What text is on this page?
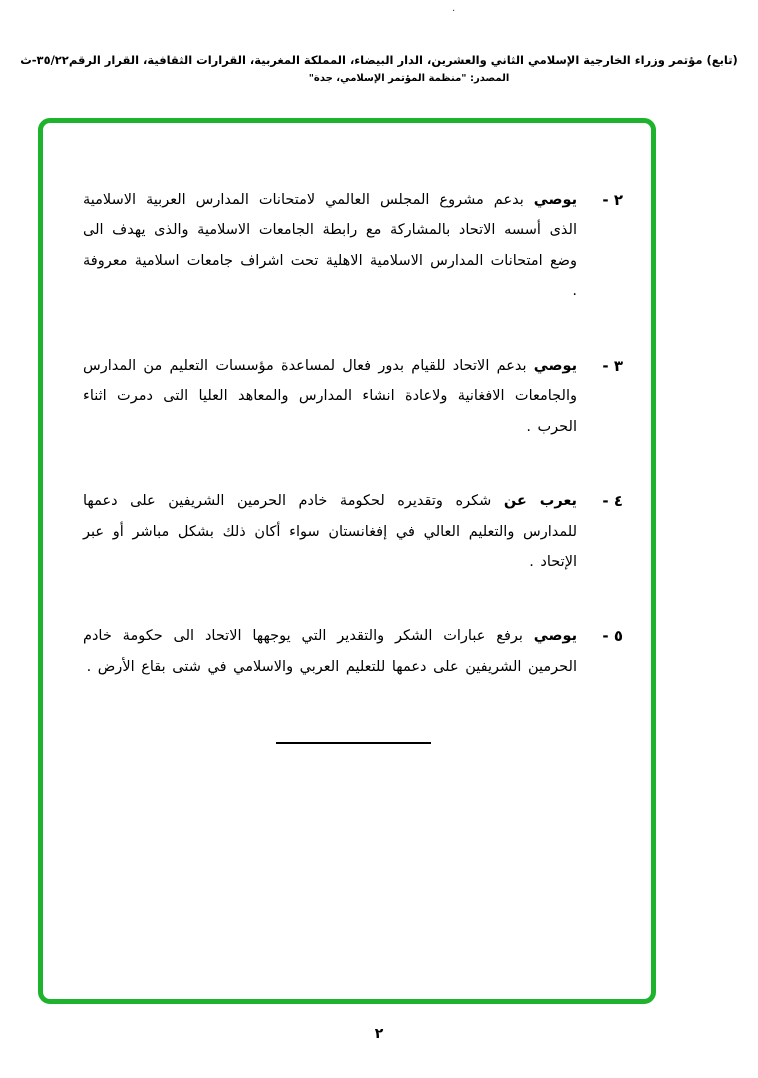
·
(تابع) مؤتمر وزراء الخارجية الإسلامي الثاني والعشرين، الدار البيضاء، المملكة المغربية، القرارات الثقافية، القرار الرقم٣٥/٢٢-ث
المصدر: "منظمة المؤتمر الإسلامي، جدة"
٢ -

يوصي بدعم مشروع المجلس العالمي لامتحانات المدارس العربية الاسلامية الذى أسسه الاتحاد بالمشاركة مع رابطة الجامعات الاسلامية والذى يهدف الى وضع امتحانات المدارس الاسلامية الاهلية تحت اشراف جامعات اسلامية معروفة .

٣ -

يوصي بدعم الاتحاد للقيام بدور فعال لمساعدة مؤسسات التعليم من المدارس والجامعات الافغانية ولاعادة انشاء المدارس والمعاهد العليا التى دمرت اثناء الحرب .

٤ -

يعرب عن شكره وتقديره لحكومة خادم الحرمين الشريفين على دعمها للمدارس والتعليم العالي في إفغانستان سواء أكان ذلك بشكل مباشر أو عبر الإتحاد .

٥ -

يوصي برفع عبارات الشكر والتقدير التي يوجهها الاتحاد الى حكومة خادم الحرمين الشريفين على دعمها للتعليم العربي والاسلامي في شتى بقاع الأرض .

٢
